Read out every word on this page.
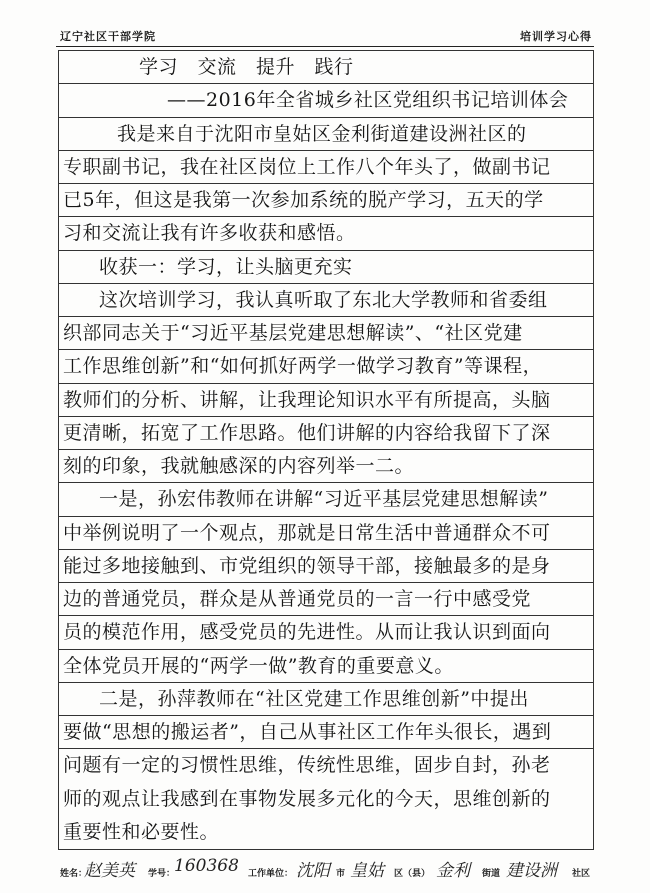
辽宁社区干部学院	培训学习心得
学习　交流　提升　践行
——2016年全省城乡社区党组织书记培训体会
我是来自于沈阳市皇姑区金利街道建设洲社区的
专职副书记，我在社区岗位上工作八个年头了，做副书记
已5年，但这是我第一次参加系统的脱产学习，五天的学
习和交流让我有许多收获和感悟。
收获一：学习，让头脑更充实
这次培训学习，我认真听取了东北大学教师和省委组
织部同志关于“习近平基层党建思想解读”、“社区党建
工作思维创新”和“如何抓好两学一做学习教育”等课程，
教师们的分析、讲解，让我理论知识水平有所提高，头脑
更清晰，拓宽了工作思路。他们讲解的内容给我留下了深
刻的印象，我就触感深的内容列举一二。
一是，孙宏伟教师在讲解“习近平基层党建思想解读”
中举例说明了一个观点，那就是日常生活中普通群众不可
能过多地接触到、市党组织的领导干部，接触最多的是身
边的普通党员，群众是从普通党员的一言一行中感受党
员的模范作用，感受党员的先进性。从而让我认识到面向
全体党员开展的“两学一做”教育的重要意义。
二是，孙萍教师在“社区党建工作思维创新”中提出
要做“思想的搬运者”，自己从事社区工作年头很长，遇到
问题有一定的习惯性思维，传统性思维，固步自封，孙老
师的观点让我感到在事物发展多元化的今天，思维创新的
重要性和必要性。
姓名：
赵美英 学号：
160368 工作单位： 沈阳 市 皇姑 区（县） 金利 街道 建设洲 社区
